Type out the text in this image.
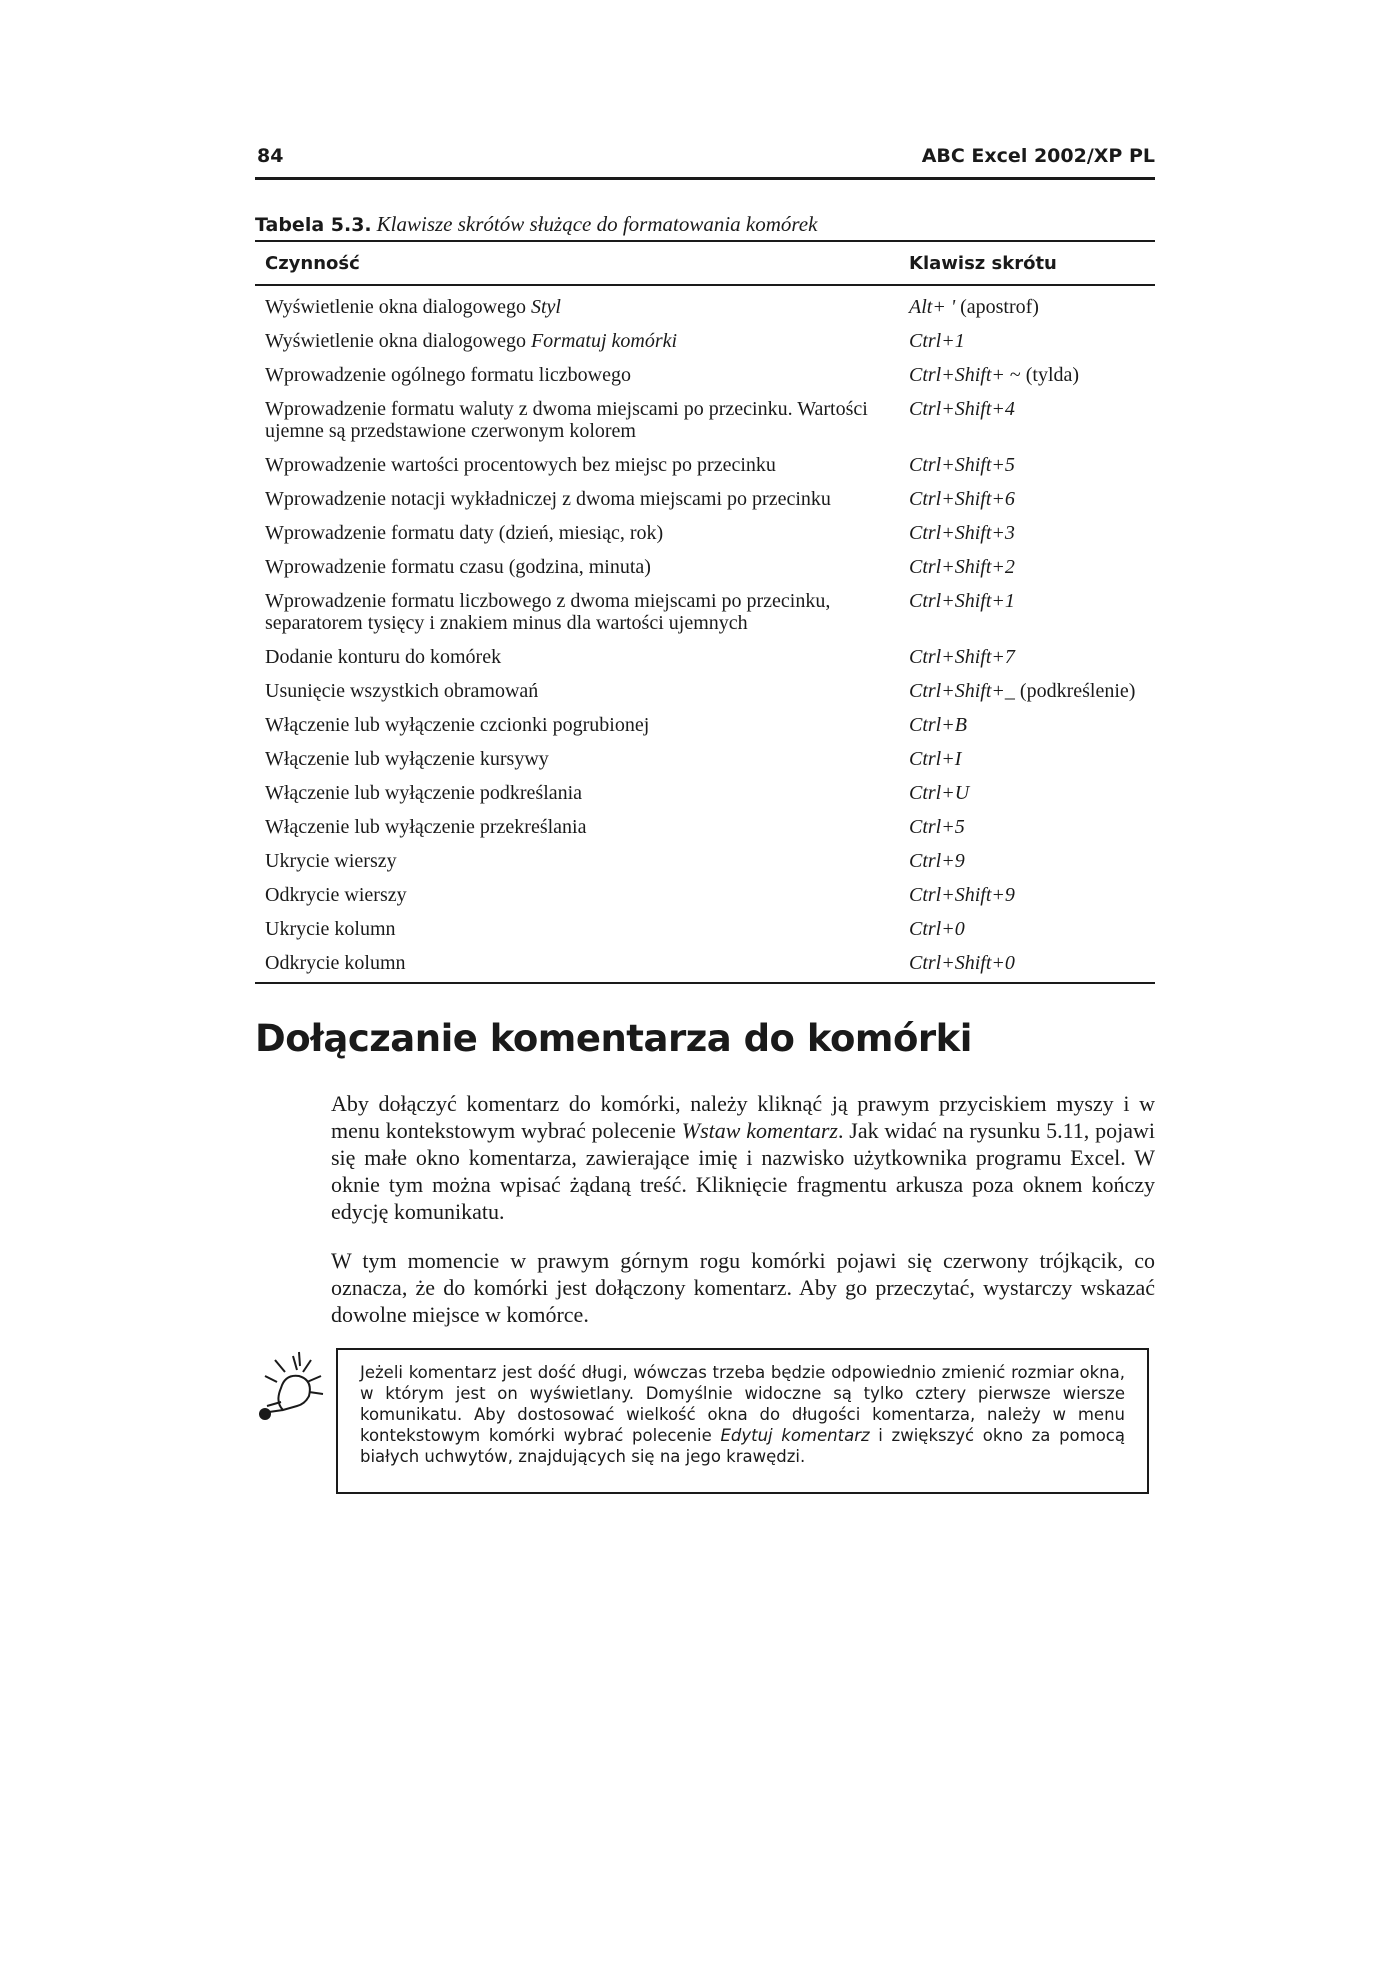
84	ABC Excel 2002/XP PL
Tabela 5.3. Klawisze skrótów służące do formatowania komórek
Czynność	Klawisz skrótu
Wyświetlenie okna dialogowego Styl	Alt+ ' (apostrof)
Wyświetlenie okna dialogowego Formatuj komórki	Ctrl+1
Wprowadzenie ogólnego formatu liczbowego	Ctrl+Shift+ ~ (tylda)
Wprowadzenie formatu waluty z dwoma miejscami po przecinku. Wartości ujemne są przedstawione czerwonym kolorem	Ctrl+Shift+4
Wprowadzenie wartości procentowych bez miejsc po przecinku	Ctrl+Shift+5
Wprowadzenie notacji wykładniczej z dwoma miejscami po przecinku	Ctrl+Shift+6
Wprowadzenie formatu daty (dzień, miesiąc, rok)	Ctrl+Shift+3
Wprowadzenie formatu czasu (godzina, minuta)	Ctrl+Shift+2
Wprowadzenie formatu liczbowego z dwoma miejscami po przecinku, separatorem tysięcy i znakiem minus dla wartości ujemnych	Ctrl+Shift+1
Dodanie konturu do komórek	Ctrl+Shift+7
Usunięcie wszystkich obramowań	Ctrl+Shift+_ (podkreślenie)
Włączenie lub wyłączenie czcionki pogrubionej	Ctrl+B
Włączenie lub wyłączenie kursywy	Ctrl+I
Włączenie lub wyłączenie podkreślania	Ctrl+U
Włączenie lub wyłączenie przekreślania	Ctrl+5
Ukrycie wierszy	Ctrl+9
Odkrycie wierszy	Ctrl+Shift+9
Ukrycie kolumn	Ctrl+0
Odkrycie kolumn	Ctrl+Shift+0
Dołączanie komentarza do komórki

Aby dołączyć komentarz do komórki, należy kliknąć ją prawym przyciskiem myszy i w menu kontekstowym wybrać polecenie Wstaw komentarz. Jak widać na rysunku 5.11, pojawi się małe okno komentarza, zawierające imię i nazwisko użytkownika programu Excel. W oknie tym można wpisać żądaną treść. Kliknięcie fragmentu arkusza poza oknem kończy edycję komunikatu.

W tym momencie w prawym górnym rogu komórki pojawi się czerwony trójkącik, co oznacza, że do komórki jest dołączony komentarz. Aby go przeczytać, wystarczy wskazać dowolne miejsce w komórce.

Jeżeli komentarz jest dość długi, wówczas trzeba będzie odpowiednio zmienić rozmiar okna, w którym jest on wyświetlany. Domyślnie widoczne są tylko cztery pierwsze wiersze komunikatu. Aby dostosować wielkość okna do długości komentarza, należy w menu kontekstowym komórki wybrać polecenie Edytuj komentarz i zwiększyć okno za pomocą białych uchwytów, znajdujących się na jego krawędzi.
